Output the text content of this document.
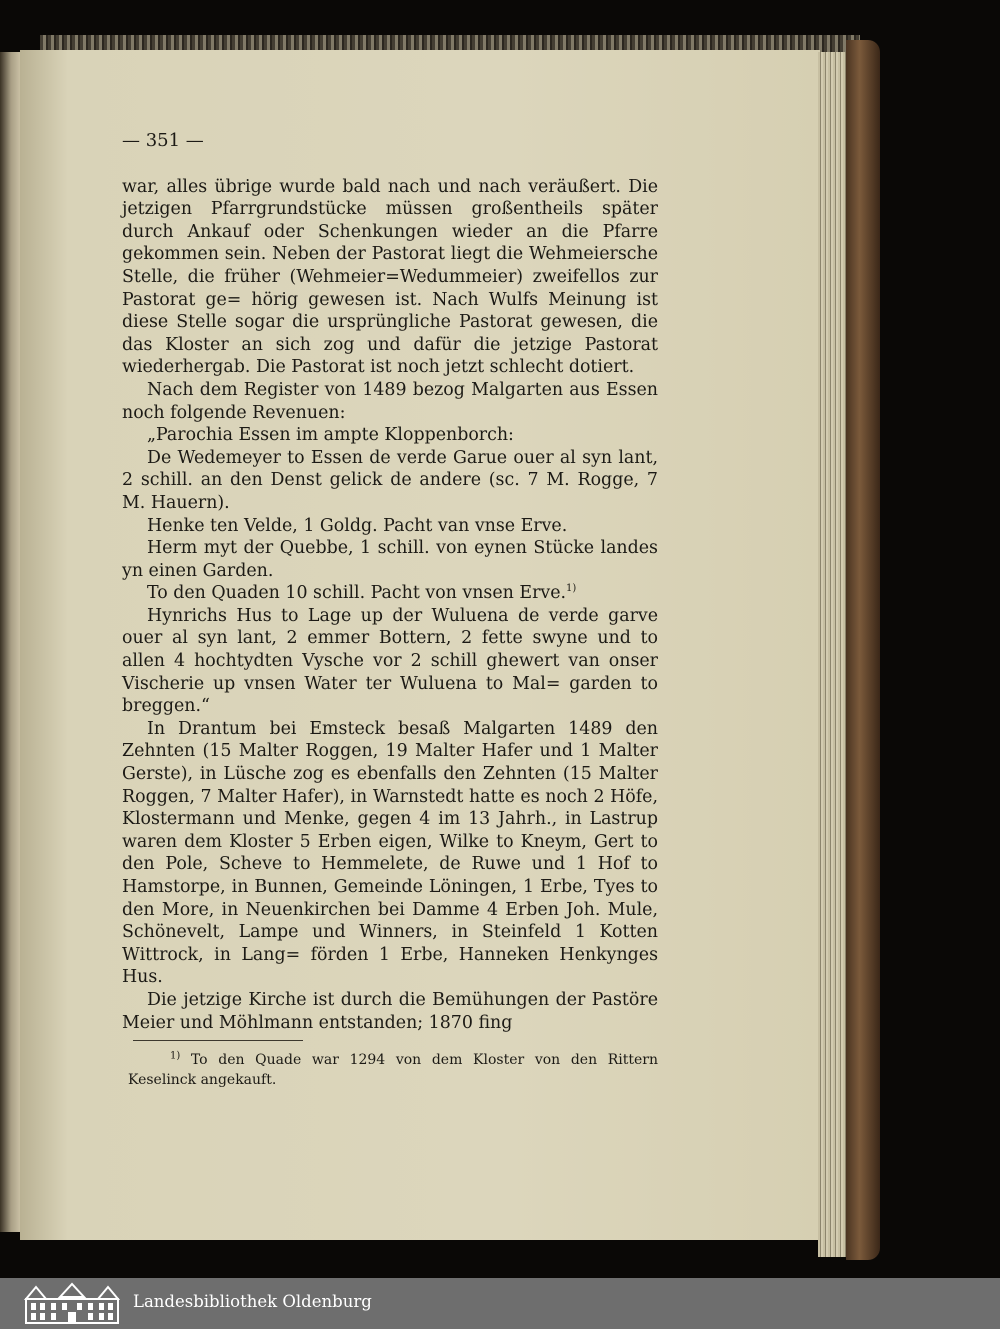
— 351 —

war, alles übrige wurde bald nach und nach veräußert. Die jetzigen Pfarrgrundstücke müssen großentheils später durch Ankauf oder Schenkungen wieder an die Pfarre gekommen sein. Neben der Pastorat liegt die Wehmeiersche Stelle, die früher (Wehmeier=Wedummeier) zweifellos zur Pastorat ge= hörig gewesen ist. Nach Wulfs Meinung ist diese Stelle sogar die ursprüngliche Pastorat gewesen, die das Kloster an sich zog und dafür die jetzige Pastorat wiederhergab. Die Pastorat ist noch jetzt schlecht dotiert.

Nach dem Register von 1489 bezog Malgarten aus Essen noch folgende Revenuen:

„Parochia Essen im ampte Kloppenborch:

De Wedemeyer to Essen de verde Garue ouer al syn lant, 2 schill. an den Denst gelick de andere (sc. 7 M. Rogge, 7 M. Hauern).

Henke ten Velde, 1 Goldg. Pacht van vnse Erve.

Herm myt der Quebbe, 1 schill. von eynen Stücke landes yn einen Garden.

To den Quaden 10 schill. Pacht von vnsen Erve.$^{1)}$

Hynrichs Hus to Lage up der Wuluena de verde garve ouer al syn lant, 2 emmer Bottern, 2 fette swyne und to allen 4 hochtydten Vysche vor 2 schill ghewert van onser Vischerie up vnsen Water ter Wuluena to Mal= garden to breggen.“

In Drantum bei Emsteck besaß Malgarten 1489 den Zehnten (15 Malter Roggen, 19 Malter Hafer und 1 Malter Gerste), in Lüsche zog es ebenfalls den Zehnten (15 Malter Roggen, 7 Malter Hafer), in Warnstedt hatte es noch 2 Höfe, Klostermann und Menke, gegen 4 im 13 Jahrh., in Lastrup waren dem Kloster 5 Erben eigen, Wilke to Kneym, Gert to den Pole, Scheve to Hemmelete, de Ruwe und 1 Hof to Hamstorpe, in Bunnen, Gemeinde Löningen, 1 Erbe, Tyes to den More, in Neuenkirchen bei Damme 4 Erben Joh. Mule, Schönevelt, Lampe und Winners, in Steinfeld 1 Kotten Wittrock, in Lang= förden 1 Erbe, Hanneken Henkynges Hus.

Die jetzige Kirche ist durch die Bemühungen der Pastöre Meier und Möhlmann entstanden; 1870 fing

$^{1)}$ To den Quade war 1294 von dem Kloster von den Rittern Keselinck angekauft.
Landesbibliothek Oldenburg
